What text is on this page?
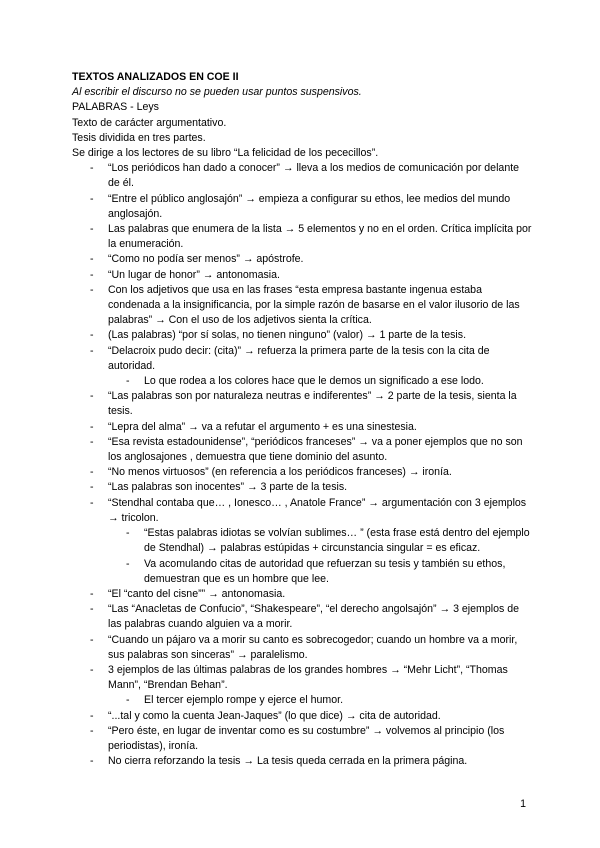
TEXTOS ANALIZADOS EN COE II
Al escribir el discurso no se pueden usar puntos suspensivos.
PALABRAS - Leys
Texto de carácter argumentativo.
Tesis dividida en tres partes.
Se dirige a los lectores de su libro “La felicidad de los pececillos”.
- “Los periódicos han dado a conocer” → lleva a los medios de comunicación por delante de él.
- “Entre el público anglosajón” → empieza a configurar su ethos, lee medios del mundo anglosajón.
- Las palabras que enumera de la lista → 5 elementos y no en el orden. Crítica implícita por la enumeración.
- “Como no podía ser menos” → apóstrofe.
- “Un lugar de honor” → antonomasia.
- Con los adjetivos que usa en las frases “esta empresa bastante ingenua estaba condenada a la insignificancia, por la simple razón de basarse en el valor ilusorio de las palabras” → Con el uso de los adjetivos sienta la crítica.
- (Las palabras) “por sí solas, no tienen ninguno” (valor) → 1 parte de la tesis.
- “Delacroix pudo decir: (cita)” → refuerza la primera parte de la tesis con la cita de autoridad.
- Lo que rodea a los colores hace que le demos un significado a ese lodo.
- “Las palabras son por naturaleza neutras e indiferentes” → 2 parte de la tesis, sienta la tesis.
- “Lepra del alma” → va a refutar el argumento + es una sinestesia.
- “Esa revista estadounidense”, “periódicos franceses” → va a poner ejemplos que no son los anglosajones , demuestra que tiene dominio del asunto.
- “No menos virtuosos” (en referencia a los periódicos franceses) → ironía.
- “Las palabras son inocentes” → 3 parte de la tesis.
- “Stendhal contaba que… , Ionesco… , Anatole France” → argumentación con 3 ejemplos → tricolon.
- “Estas palabras idiotas se volvían sublimes… ” (esta frase está dentro del ejemplo de Stendhal) → palabras estúpidas + circunstancia singular = es eficaz.
- Va acomulando citas de autoridad que refuerzan su tesis y también su ethos, demuestran que es un hombre que lee.
- “El “canto del cisne”” → antonomasia.
- “Las “Anacletas de Confucio”, “Shakespeare”, “el derecho angolsajón” → 3 ejemplos de las palabras cuando alguien va a morir.
- “Cuando un pájaro va a morir su canto es sobrecogedor; cuando un hombre va a morir, sus palabras son sinceras” → paralelismo.
- 3 ejemplos de las últimas palabras de los grandes hombres → “Mehr Licht”, “Thomas Mann”, “Brendan Behan”.
- El tercer ejemplo rompe y ejerce el humor.
- “...tal y como la cuenta Jean-Jaques” (lo que dice) → cita de autoridad.
- “Pero éste, en lugar de inventar como es su costumbre” → volvemos al principio (los periodistas), ironía.
- No cierra reforzando la tesis → La tesis queda cerrada en la primera página.
1
